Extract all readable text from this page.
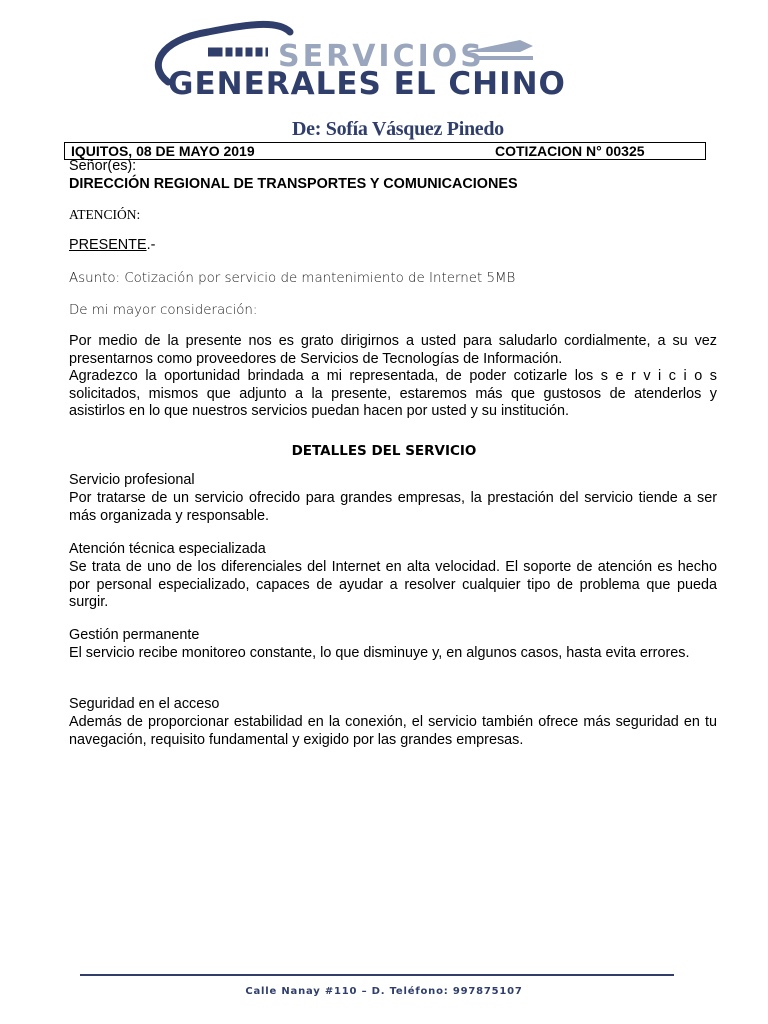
SERVICIOS
GENERALES EL CHINO
De: Sofía Vásquez Pinedo
IQUITOS, 08 DE MAYO 2019	COTIZACION N° 00325
Señor(es):
DIRECCIÓN REGIONAL DE TRANSPORTES Y COMUNICACIONES
ATENCIÓN:
PRESENTE.-
Asunto: Cotización por servicio de mantenimiento de Internet 5MB
De mi mayor consideración:
Por medio de la presente nos es grato dirigirnos a usted para saludarlo cordialmente, a su vez presentarnos como proveedores de Servicios de Tecnologías de Información.
Agradezco la oportunidad brindada a mi representada, de poder cotizarle los s e r v i c i o s solicitados, mismos que adjunto a la presente, estaremos más que gustosos de atenderlos y asistirlos en lo que nuestros servicios puedan hacen por usted y su institución.
DETALLES DEL SERVICIO
Servicio profesional
Por tratarse de un servicio ofrecido para grandes empresas, la prestación del servicio tiende a ser más organizada y responsable.
Atención técnica especializada
Se trata de uno de los diferenciales del Internet en alta velocidad. El soporte de atención es hecho por personal especializado, capaces de ayudar a resolver cualquier tipo de problema que pueda surgir.
Gestión permanente
El servicio recibe monitoreo constante, lo que disminuye y, en algunos casos, hasta evita errores.
Seguridad en el acceso
Además de proporcionar estabilidad en la conexión, el servicio también ofrece más seguridad en tu navegación, requisito fundamental y exigido por las grandes empresas.
Calle Nanay #110 – D. Teléfono: 997875107
